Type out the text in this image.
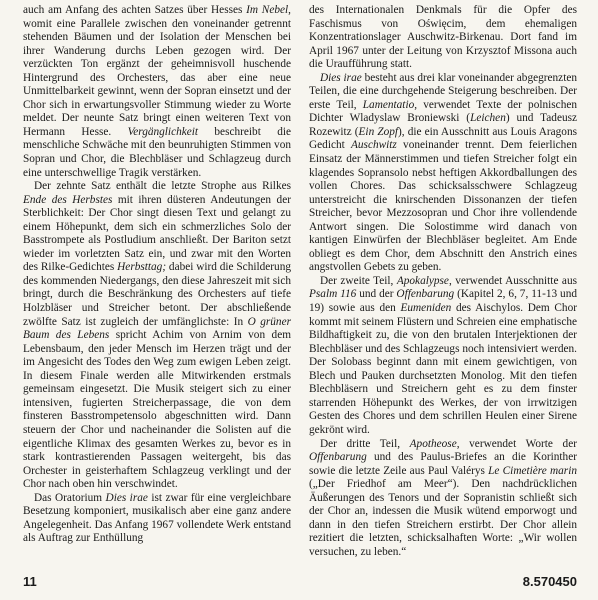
auch am Anfang des achten Satzes über Hesses Im Nebel, womit eine Parallele zwischen den voneinander getrennt stehenden Bäumen und der Isolation der Menschen bei ihrer Wanderung durchs Leben gezogen wird. Der verzückten Ton ergänzt der geheimnisvoll huschende Hintergrund des Orchesters, das aber eine neue Unmittelbarkeit gewinnt, wenn der Sopran einsetzt und der Chor sich in erwartungsvoller Stimmung wieder zu Worte meldet. Der neunte Satz bringt einen weiteren Text von Hermann Hesse. Vergänglichkeit beschreibt die menschliche Schwäche mit den beunruhigten Stimmen von Sopran und Chor, die Blechbläser und Schlagzeug durch eine unterschwellige Tragik verstärken.

Der zehnte Satz enthält die letzte Strophe aus Rilkes Ende des Herbstes mit ihren düsteren Andeutungen der Sterblichkeit: Der Chor singt diesen Text und gelangt zu einem Höhepunkt, dem sich ein schmerzliches Solo der Basstrompete als Postludium anschließt. Der Bariton setzt wieder im vorletzten Satz ein, und zwar mit den Worten des Rilke-Gedichtes Herbsttag; dabei wird die Schilderung des kommenden Niedergangs, den diese Jahreszeit mit sich bringt, durch die Beschränkung des Orchesters auf tiefe Holzbläser und Streicher betont. Der abschließende zwölfte Satz ist zugleich der umfänglichste: In O grüner Baum des Lebens spricht Achim von Arnim von dem Lebensbaum, den jeder Mensch im Herzen trägt und der im Angesicht des Todes den Weg zum ewigen Leben zeigt. In diesem Finale werden alle Mitwirkenden erstmals gemeinsam eingesetzt. Die Musik steigert sich zu einer intensiven, fugierten Streicherpassage, die von dem finsteren Basstrompetensolo abgeschnitten wird. Dann steuern der Chor und nacheinander die Solisten auf die eigentliche Klimax des gesamten Werkes zu, bevor es in stark kontrastierenden Passagen weitergeht, bis das Orchester in geisterhaftem Schlagzeug verklingt und der Chor nach oben hin verschwindet.

Das Oratorium Dies irae ist zwar für eine vergleichbare Besetzung komponiert, musikalisch aber eine ganz andere Angelegenheit. Das Anfang 1967 vollendete Werk entstand als Auftrag zur Enthüllung

des Internationalen Denkmals für die Opfer des Faschismus von Oświęcim, dem ehemaligen Konzentrationslager Auschwitz-Birkenau. Dort fand im April 1967 unter der Leitung von Krzysztof Missona auch die Uraufführung statt.

Dies irae besteht aus drei klar voneinander abgegrenzten Teilen, die eine durchgehende Steigerung beschreiben. Der erste Teil, Lamentatio, verwendet Texte der polnischen Dichter Wladyslaw Broniewski (Leichen) und Tadeusz Rozewitz (Ein Zopf), die ein Ausschnitt aus Louis Aragons Gedicht Auschwitz voneinander trennt. Dem feierlichen Einsatz der Männerstimmen und tiefen Streicher folgt ein klagendes Sopransolo nebst heftigen Akkordballungen des vollen Chores. Das schicksalsschwere Schlagzeug unterstreicht die knirschenden Dissonanzen der tiefen Streicher, bevor Mezzosopran und Chor ihre vollendende Antwort singen. Die Solostimme wird danach von kantigen Einwürfen der Blechbläser begleitet. Am Ende obliegt es dem Chor, dem Abschnitt den Anstrich eines angstvollen Gebets zu geben.

Der zweite Teil, Apokalypse, verwendet Ausschnitte aus Psalm 116 und der Offenbarung (Kapitel 2, 6, 7, 11-13 und 19) sowie aus den Eumeniden des Aischylos. Dem Chor kommt mit seinem Flüstern und Schreien eine emphatische Bildhaftigkeit zu, die von den brutalen Interjektionen der Blechbläser und des Schlagzeugs noch intensiviert werden. Der Solobass beginnt dann mit einem gewichtigen, von Blech und Pauken durchsetzten Monolog. Mit den tiefen Blechbläsern und Streichern geht es zu dem finster starrenden Höhepunkt des Werkes, der von irrwitzigen Gesten des Chores und dem schrillen Heulen einer Sirene gekrönt wird.

Der dritte Teil, Apotheose, verwendet Worte der Offenbarung und des Paulus-Briefes an die Korinther sowie die letzte Zeile aus Paul Valérys Le Cimetière marin („Der Friedhof am Meer“). Den nachdrücklichen Äußerungen des Tenors und der Sopranistin schließt sich der Chor an, indessen die Musik wütend emporwogt und dann in den tiefen Streichern erstirbt. Der Chor allein rezitiert die letzten, schicksalhaften Worte: „Wir wollen versuchen, zu leben.“

11	8.570450
